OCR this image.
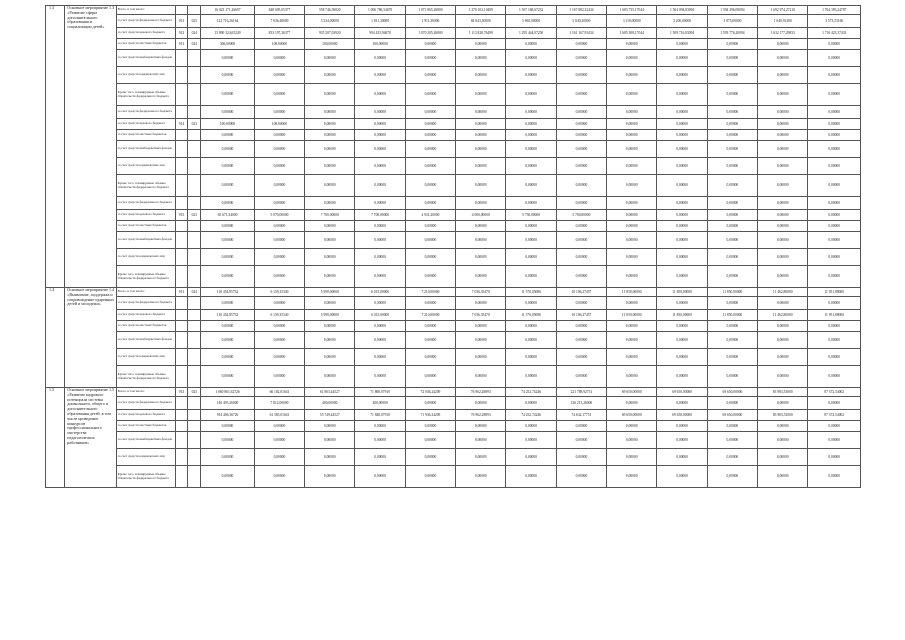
1.3	Основное мероприятие 1.3 «Развитие сферы дополнительного образования и социализации детей»	Всего, в том числе:			16 023 171,26697	848 695,05377	558 746,56820	1 006 786,54670	1 071 865,26800	1 270 102,10499	1 567 168,67232	1 167 882,32434	1 683 735,17044	1 504 094,83094	1 594 296,00094	1 692 974,27210	1 764 393,24787
		за счет средств федерального бюджета	913	023	122 716,26164	7 636,48000	3 234,00000	1 811,30000	1 911,30000	84 843,30000	5 865,00000	5 040,30000	3 110,00000	3 200,00000	3 875,00000	1 640,91200	3 573,53166
		за счет средств краевого бюджета	913	024	15 890 324,65249	833 197,26377	935 207,03920	994 435,94670	1 070 205,26800	1 113 828,76499	1 295 444,07250	1 161 167,93434	1 685 308,17044	1 509 716,83094	1 593 776,20094	1 632 177,29833	1 716 423,37433
		за счет средств местных бюджетов	913	024	306,00000	100,00000	100,00000	100,00000	0,00000	0,00000	0,00000	0,00000	0,00000	0,00000	0,00000	0,00000	0,00000
		за счет средств внебюджетных фондов			0,00000	0,00000	0,00000	0,00000	0,00000	0,00000	0,00000	0,00000	0,00000	0,00000	0,00000	0,00000	0,00000
		за счет средств юридических лиц			0,00000	0,00000	0,00000	0,00000	0,00000	0,00000	0,00000	0,00000	0,00000	0,00000	0,00000	0,00000	0,00000
		Кроме того, планируемые объемы обязательств федерального бюджета			0,00000	0,00000	0,00000	0,00000	0,00000	0,00000	0,00000	0,00000	0,00000	0,00000	0,00000	0,00000	0,00000
		за счет средств федерального бюджета			0,00000	0,00000	0,00000	0,00000	0,00000	0,00000	0,00000	0,00000	0,00000	0,00000	0,00000	0,00000	0,00000
		за счет средств краевого бюджета	914	023	100,00000	100,00000	0,00000	0,00000	0,00000	0,00000	0,00000	0,00000	0,00000	0,00000	0,00000	0,00000	0,00000
		за счет средств местных бюджетов			0,00000	0,00000	0,00000	0,00000	0,00000	0,00000	0,00000	0,00000	0,00000	0,00000	0,00000	0,00000	0,00000
		за счет средств внебюджетных фондов			0,00000	0,00000	0,00000	0,00000	0,00000	0,00000	0,00000	0,00000	0,00000	0,00000	0,00000	0,00000	0,00000
		за счет средств юридических лиц			0,00000	0,00000	0,00000	0,00000	0,00000	0,00000	0,00000	0,00000	0,00000	0,00000	0,00000	0,00000	0,00000
		Кроме того, планируемые объемы обязательств федерального бюджета			0,00000	0,00000	0,00000	0,00000	0,00000	0,00000	0,00000	0,00000	0,00000	0,00000	0,00000	0,00000	0,00000
		за счет средств федерального бюджета			0,00000	0,00000	0,00000	0,00000	0,00000	0,00000	0,00000	0,00000	0,00000	0,00000	0,00000	0,00000	0,00000
		за счет средств краевого бюджета	915	023	65 671,34000	5 070,00000	7 700,00000	7 700,00000	4 931,20000	4 000,00000	5 750,00000	5 700,00000	0,00000	0,00000	0,00000	0,00000	0,00000
		за счет средств местных бюджетов			0,00000	0,00000	0,00000	0,00000	0,00000	0,00000	0,00000	0,00000	0,00000	0,00000	0,00000	0,00000	0,00000
		за счет средств внебюджетных фондов			0,00000	0,00000	0,00000	0,00000	0,00000	0,00000	0,00000	0,00000	0,00000	0,00000	0,00000	0,00000	0,00000
		за счет средств юридических лиц			0,00000	0,00000	0,00000	0,00000	0,00000	0,00000	0,00000	0,00000	0,00000	0,00000	0,00000	0,00000	0,00000
		Кроме того, планируемые объемы обязательств федерального бюджета			0,00000	0,00000	0,00000	0,00000	0,00000	0,00000	0,00000	0,00000	0,00000	0,00000	0,00000	0,00000	0,00000
1.4	Основное мероприятие 1.4 «Выявление, поддержка и сопровождение одаренных детей и молодежи»	Всего, в том числе:	913	024	110 454,85732	6 159,35340	5 990,00000	6 015,00000	7 210,00000	7 036,35470	11 570,05086	10 106,27457	11 850,00000	11 850,00000	11 850,00000	11 462,80000	11 951,88000
		за счет средств федерального бюджета			0,00000	0,00000	0,00000	0,00000	0,00000	0,00000	0,00000	0,00000	0,00000	0,00000	0,00000	0,00000	0,00000
		за счет средств краевого бюджета			110 454,85732	6 159,35340	5 990,00000	6 015,00000	7 210,00000	7 036,35470	11 570,05086	10 106,27457	11 850,00000	11 850,00000	11 850,00000	11 462,80000	11 951,88000
		за счет средств местных бюджетов			0,00000	0,00000	0,00000	0,00000	0,00000	0,00000	0,00000	0,00000	0,00000	0,00000	0,00000	0,00000	0,00000
		за счет средств внебюджетных фондов			0,00000	0,00000	0,00000	0,00000	0,00000	0,00000	0,00000	0,00000	0,00000	0,00000	0,00000	0,00000	0,00000
		за счет средств юридических лиц			0,00000	0,00000	0,00000	0,00000	0,00000	0,00000	0,00000	0,00000	0,00000	0,00000	0,00000	0,00000	0,00000
		Кроме того, планируемые объемы обязательств федерального бюджета			0,00000	0,00000	0,00000	0,00000	0,00000	0,00000	0,00000	0,00000	0,00000	0,00000	0,00000	0,00000	0,00000
1.5	Основное мероприятие 1.5 «Развитие кадрового потенциала системы дошкольного, общего и дополнительного образования детей, в том числе проведение конкурсов профессионального мастерства педагогических работников»	Всего, в том числе:	913	025	1 060 861,62726	66 182,01641	61 863,44527	71 868,07910	72 036,24209	76 962,28893	74 252,74246	221 788,92751	69 650,00000	69 650,00000	69 650,00000	83 983,53000	87 372,54002
		за счет средств федерального бюджета			146 495,26000	7 812,00000	400,00000	400,00000	0,00000	0,00000	0,00000	136 213,26000	0,00000	0,00000	0,00000	0,00000	0,00000
		за счет средств краевого бюджета			914 406,36726	61 385,01641	55 749,44527	71 848,07910	71 936,24209	76 962,28893	74 252,74246	74 632,17751	69 650,00000	69 650,00000	69 650,00000	83 983,53000	87 372,54002
		за счет средств местных бюджетов			0,00000	0,00000	0,00000	0,00000	0,00000	0,00000	0,00000	0,00000	0,00000	0,00000	0,00000	0,00000	0,00000
		за счет средств внебюджетных фондов			0,00000	0,00000	0,00000	0,00000	0,00000	0,00000	0,00000	0,00000	0,00000	0,00000	0,00000	0,00000	0,00000
		за счет средств юридических лиц			0,00000	0,00000	0,00000	0,00000	0,00000	0,00000	0,00000	0,00000	0,00000	0,00000	0,00000	0,00000	0,00000
		Кроме того, планируемые объемы обязательств федерального бюджета			0,00000	0,00000	0,00000	0,00000	0,00000	0,00000	0,00000	0,00000	0,00000	0,00000	0,00000	0,00000	0,00000
